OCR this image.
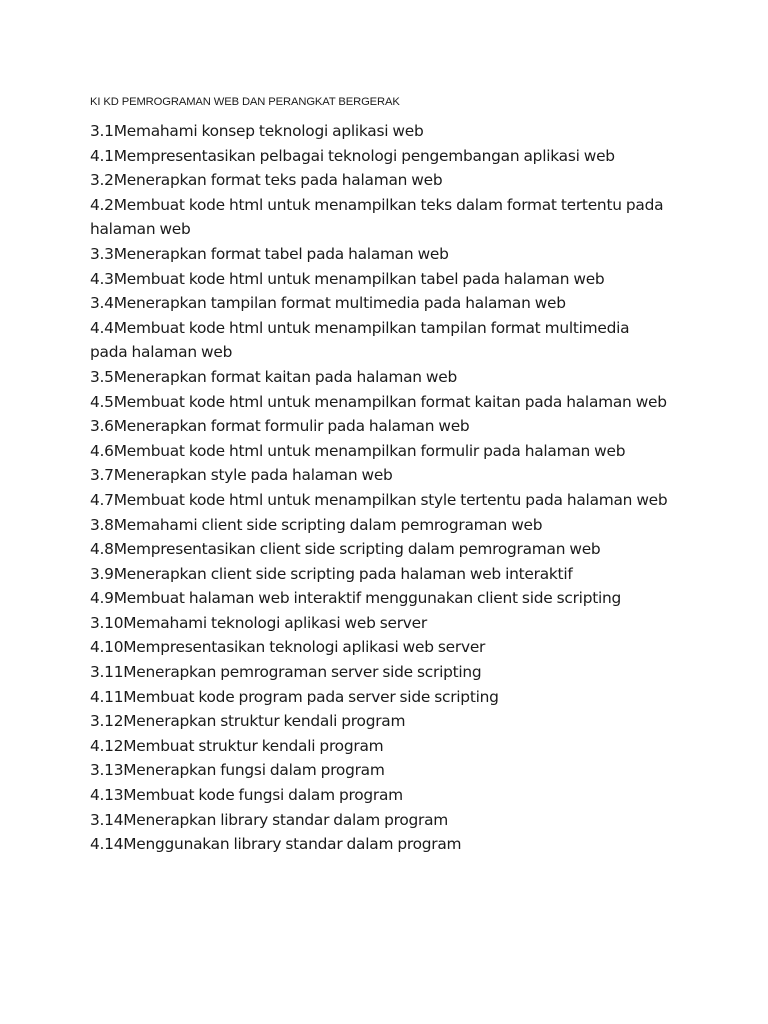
KI KD PEMROGRAMAN WEB DAN PERANGKAT BERGERAK
3.1Memahami konsep teknologi aplikasi web
4.1Mempresentasikan pelbagai teknologi pengembangan aplikasi web
3.2Menerapkan format teks pada halaman web
4.2Membuat kode html untuk menampilkan teks dalam format tertentu pada halaman web
3.3Menerapkan format tabel pada halaman web
4.3Membuat kode html untuk menampilkan tabel pada halaman web
3.4Menerapkan tampilan format multimedia pada halaman web
4.4Membuat kode html untuk menampilkan tampilan format multimedia pada halaman web
3.5Menerapkan format kaitan pada halaman web
4.5Membuat kode html untuk menampilkan format kaitan pada halaman web
3.6Menerapkan format formulir pada halaman web
4.6Membuat kode html untuk menampilkan formulir pada halaman web
3.7Menerapkan style pada halaman web
4.7Membuat kode html untuk menampilkan style tertentu pada halaman web
3.8Memahami client side scripting dalam pemrograman web
4.8Mempresentasikan client side scripting dalam pemrograman web
3.9Menerapkan client side scripting pada halaman web interaktif
4.9Membuat halaman web interaktif menggunakan client side scripting
3.10Memahami teknologi aplikasi web server
4.10Mempresentasikan teknologi aplikasi web server
3.11Menerapkan pemrograman server side scripting
4.11Membuat kode program pada server side scripting
3.12Menerapkan struktur kendali program
4.12Membuat struktur kendali program
3.13Menerapkan fungsi dalam program
4.13Membuat kode fungsi dalam program
3.14Menerapkan library standar dalam program
4.14Menggunakan library standar dalam program
